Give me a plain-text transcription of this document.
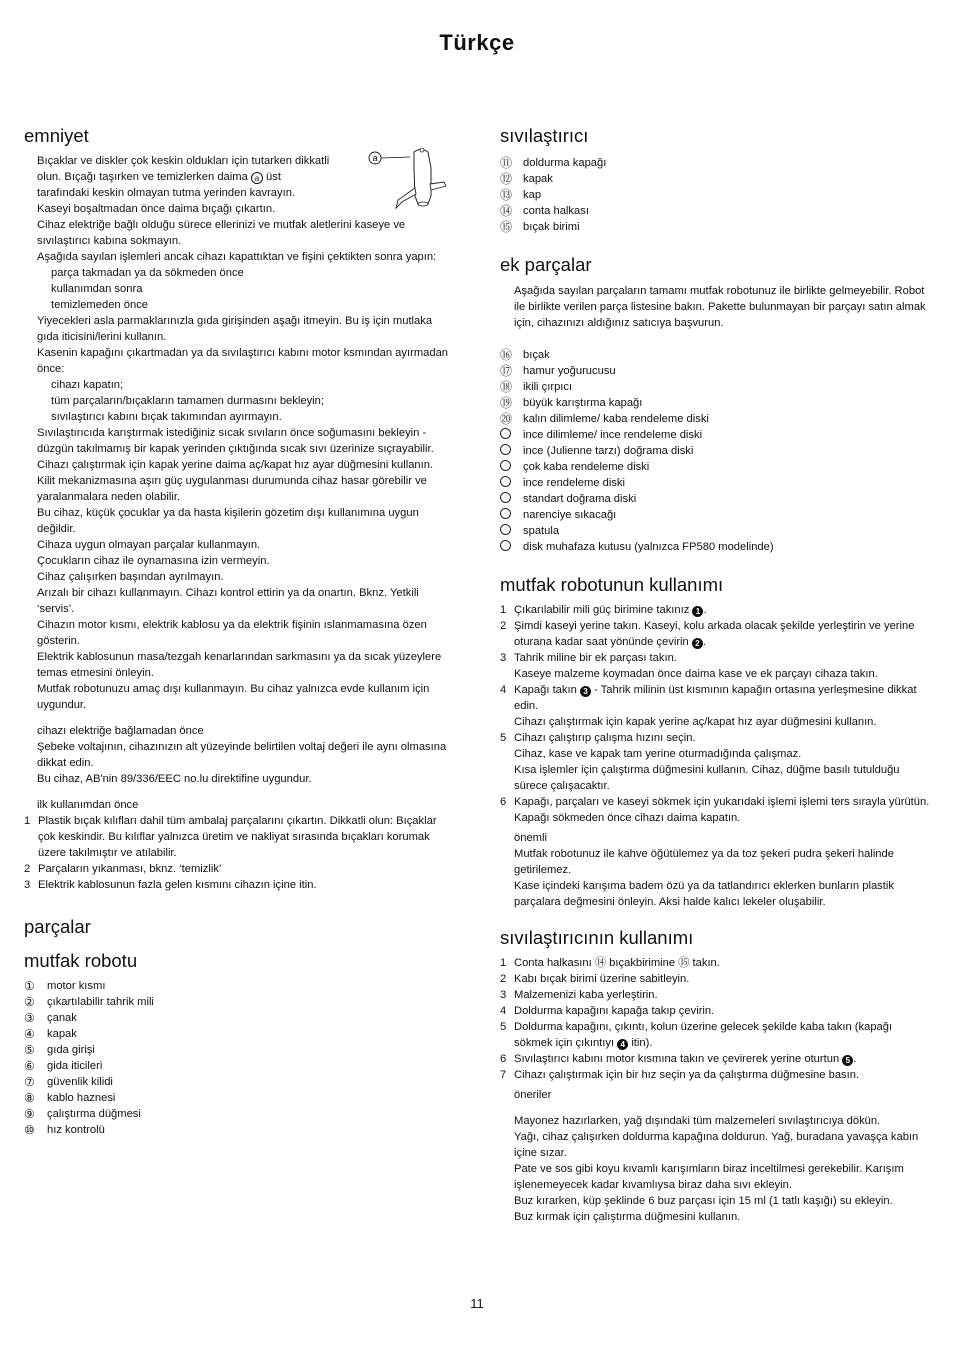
Türkçe
emniyet

Bıçaklar ve diskler çok keskin oldukları için tutarken dikkatli

olun. Bıçağı taşırken ve temizlerken daima a üst

tarafındaki keskin olmayan tutma yerinden kavrayın.

Kaseyi boşaltmadan önce daima bıçağı çıkartın.

Cihaz elektriğe bağlı olduğu sürece ellerinizi ve mutfak aletlerini kaseye ve sıvılaştırıcı kabına sokmayın.

Aşağıda sayılan işlemleri ancak cihazı kapattıktan ve fişini çektikten sonra yapın:

parça takmadan ya da sökmeden önce

kullanımdan sonra

temizlemeden önce

Yiyecekleri asla parmaklarınızla gıda girişinden aşağı itmeyin. Bu iş için mutlaka gıda iticisini/lerini kullanın.

Kasenin kapağını çıkartmadan ya da sıvılaştırıcı kabını motor ksmından ayırmadan önce:

cihazı kapatın;

tüm parçaların/bıçakların tamamen durmasını bekleyin;

sıvılaştırıcı kabını bıçak takımından ayırmayın.

Sıvılaştırıcıda karıştırmak istediğiniz sıcak sıvıların önce soğumasını bekleyin - düzgün takılmamış bir kapak yerinden çıktığında sıcak sıvı üzerinize sıçrayabilir.

Cihazı çalıştırmak için kapak yerine daima aç/kapat hız ayar düğmesini kullanın.

Kilit mekanizmasına aşırı güç uygulanması durumunda cihaz hasar görebilir ve yaralanmalara neden olabilir.

Bu cihaz, küçük çocuklar ya da hasta kişilerin gözetim dışı kullanımına uygun değildir.

Cihaza uygun olmayan parçalar kullanmayın.

Çocukların cihaz ile oynamasına izin vermeyin.

Cihaz çalışırken başından ayrılmayın.

Arızalı bir cihazı kullanmayın. Cihazı kontrol ettirin ya da onartın. Bknz. Yetkili ‘servis’.

Cihazın motor kısmı, elektrik kablosu ya da elektrik fişinin ıslanmamasına özen gösterin.

Elektrik kablosunun masa/tezgah kenarlarından sarkmasını ya da sıcak yüzeylere temas etmesini önleyin.

Mutfak robotunuzu amaç dışı kullanmayın. Bu cihaz yalnızca evde kullanım için uygundur.

cihazı elektriğe bağlamadan önce

Şebeke voltajının, cihazınızın alt yüzeyinde belirtilen voltaj değeri ile aynı olmasına dikkat edin.

Bu cihaz, AB'nin 89/336/EEC no.lu direktifine uygundur.

ilk kullanımdan önce

1 Plastik bıçak kılıfları dahil tüm ambalaj parçalarını çıkartın. Dikkatli olun: Bıçaklar çok keskindir. Bu kılıflar yalnızca üretim ve nakliyat sırasında bıçakları korumak üzere takılmıştır ve atılabilir.
2 Parçaların yıkanması, bknz. ‘temizlik’
3 Elektrik kablosunun fazla gelen kısmını cihazın içine itin.
parçalar
mutfak robotu
①	motor kısmı
②	çıkartılabilir tahrik mili
③	çanak
④	kapak
⑤	gıda girişi
⑥	gida iticileri
⑦	güvenlik kilidi
⑧	kablo haznesi
⑨	çalıştırma düğmesi
⑩	hız kontrolü
a
sıvılaştırıcı
⑪ doldurma kapağı
⑫ kapak
⑬ kap
⑭ conta halkası
⑮ bıçak birimi
ek parçalar

Aşağıda sayılan parçaların tamamı mutfak robotunuz ile birlikte gelmeyebilir. Robot ile birlikte verilen parça listesine bakın. Pakette bulunmayan bir parçayı satın almak için, cihazınızı aldığınız satıcıya başvurun.

⑯ bıçak
⑰ hamur yoğurucusu
⑱ ikili çırpıcı
⑲ büyük karıştırma kapağı
⑳ kalın dilimleme/ kaba rendeleme diski
ince dilimleme/ ince rendeleme diski
ince (Julienne tarzı) doğrama diski
çok kaba rendeleme diski
ince rendeleme diski
standart doğrama diski
narenciye sıkacağı
spatula
disk muhafaza kutusu (yalnızca FP580 modelinde)
mutfak robotunun kullanımı
1 Çıkarılabilir mili güç birimine takınız 1 .
2 Şimdi kaseyi yerine takın. Kaseyi, kolu arkada olacak şekilde yerleştirin ve yerine oturana kadar saat yönünde çevirin 2 .
3 Tahrik miline bir ek parçası takın.
Kaseye malzeme koymadan önce daima kase ve ek parçayı cihaza takın.
4 Kapağı takın 3 - Tahrik milinin üst kısmının kapağın ortasına yerleşmesine dikkat edin.
Cihazı çalıştırmak için kapak yerine aç/kapat hız ayar düğmesini kullanın.
5 Cihazı çalıştırıp çalışma hızını seçin.
Cihaz, kase ve kapak tam yerine oturmadığında çalışmaz.
Kısa işlemler için çalıştırma düğmesini kullanın. Cihaz, düğme basılı tutulduğu sürece çalışacaktır.
6 Kapağı, parçaları ve kaseyi sökmek için yukarıdaki işlemi işlemi ters sırayla yürütün.
Kapağı sökmeden önce cihazı daima kapatın.

önemli

Mutfak robotunuz ile kahve öğütülemez ya da toz şekeri pudra şekeri halinde getirilemez.

Kase içindeki karışıma badem özü ya da tatlandırıcı eklerken bunların plastik parçalara değmesini önleyin. Aksi halde kalıcı lekeler oluşabilir.

sıvılaştırıcının kullanımı
1 Conta halkasını ⑭ bıçakbirimine ⑮ takın.
2 Kabı bıçak birimi üzerine sabitleyin.
3 Malzemenizi kaba yerleştirin.
4 Doldurma kapağını kapağa takıp çevirin.
5 Doldurma kapağını, çıkıntı, kolun üzerine gelecek şekilde kaba takın (kapağı sökmek için çıkıntıyı 4 itin).
6 Sıvılaştırıcı kabını motor kısmına takın ve çevirerek yerine oturtun 5 .
7 Cihazı çalıştırmak için bir hız seçin ya da çalıştırma düğmesine basın.

öneriler

Mayonez hazırlarken, yağ dışındaki tüm malzemeleri sıvılaştırıcıya dökün.

Yağı, cihaz çalışırken doldurma kapağına doldurun. Yağ, buradana yavaşça kabın içine sızar.

Pate ve sos gibi koyu kıvamlı karışımların biraz inceltilmesi gerekebilir. Karışım işlenemeyecek kadar kıvamlıysa biraz daha sıvı ekleyin.

Buz kırarken, küp şeklinde 6 buz parçası için 15 ml (1 tatlı kaşığı) su ekleyin.

Buz kırmak için çalıştırma düğmesini kullanın.

11
